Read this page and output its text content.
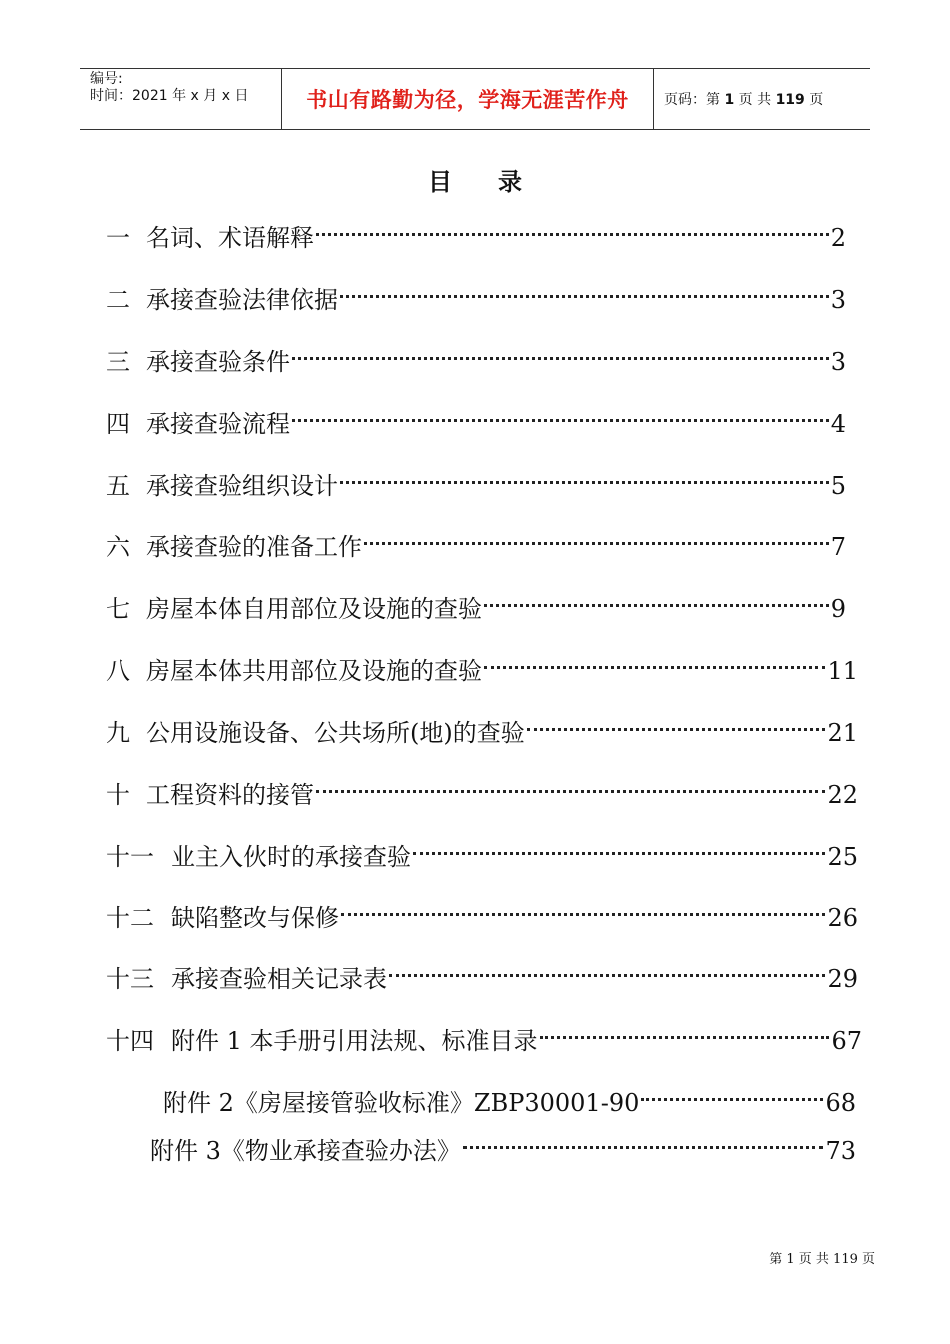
编号:
时间：2021 年 x 月 x 日	书山有路勤为径，学海无涯苦作舟	页码：第 1 页 共 119 页
目录
一 名词、术语解释	2
二 承接查验法律依据	3
三 承接查验条件	3
四 承接查验流程	4
五 承接查验组织设计	5
六 承接查验的准备工作	7
七 房屋本体自用部位及设施的查验	9
八 房屋本体共用部位及设施的查验	11
九 公用设施设备、公共场所(地)的查验	21
十 工程资料的接管	22
十一 业主入伙时的承接查验	25
十二 缺陷整改与保修	26
十三 承接查验相关记录表	29
十四 附件 1 本手册引用法规、标准目录	67
附件 2《房屋接管验收标准》ZBP30001-90	68
附件 3《物业承接查验办法》	73
第 1 页 共 119 页
